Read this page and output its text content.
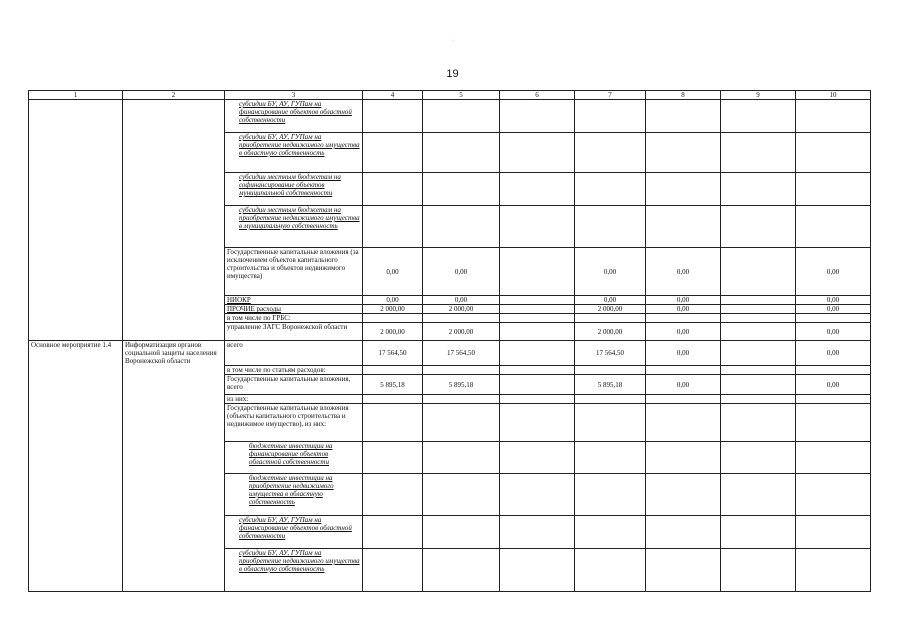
·
19
1	2	3	4	5	6	7	8	9	10
		субсидии БУ, АУ, ГУПам на финансирование объектов областной собственности							
		субсидии БУ, АУ, ГУПам на приобретение недвижимого имущества в областную собственность							
		субсидии местным бюджетам на софинансирование объектов муниципальной собственности							
		субсидии местным бюджетам на приобретение недвижимого имущества в муниципальную собственность							
		Государственные капитальные вложения (за исключением объектов капитального строительства и объектов недвижимого имущества)	0,00	0,00		0,00	0,00		0,00
		НИОКР	0,00	0,00		0,00	0,00		0,00
		ПРОЧИЕ расходы	2 000,00	2 000,00		2 000,00	0,00		0,00
		в том числе по ГРБС:							
		управление ЗАГС Воронежской области	2 000,00	2 000,00		2 000,00	0,00		0,00
Основное мероприятие 1.4	Информатизация органов социальной защиты населения Воронежской области	всего	17 564,50	17 564,50		17 564,50	0,00		0,00
		в том числе по статьям расходов:							
		Государственные капитальные вложения, всего	5 895,18	5 895,18		5 895,18	0,00		0,00
		из них:							
		Государственные капитальные вложения (объекты капитального строительства и недвижимое имущество), из них:							
		бюджетные инвестиции на финансирование объектов областной собственности							
		бюджетные инвестиции на приобретение недвижимого имущества в областную собственность							
		субсидии БУ, АУ, ГУПам на финансирование объектов областной собственности							
		субсидии БУ, АУ, ГУПам на приобретение недвижимого имущества в областную собственность							
